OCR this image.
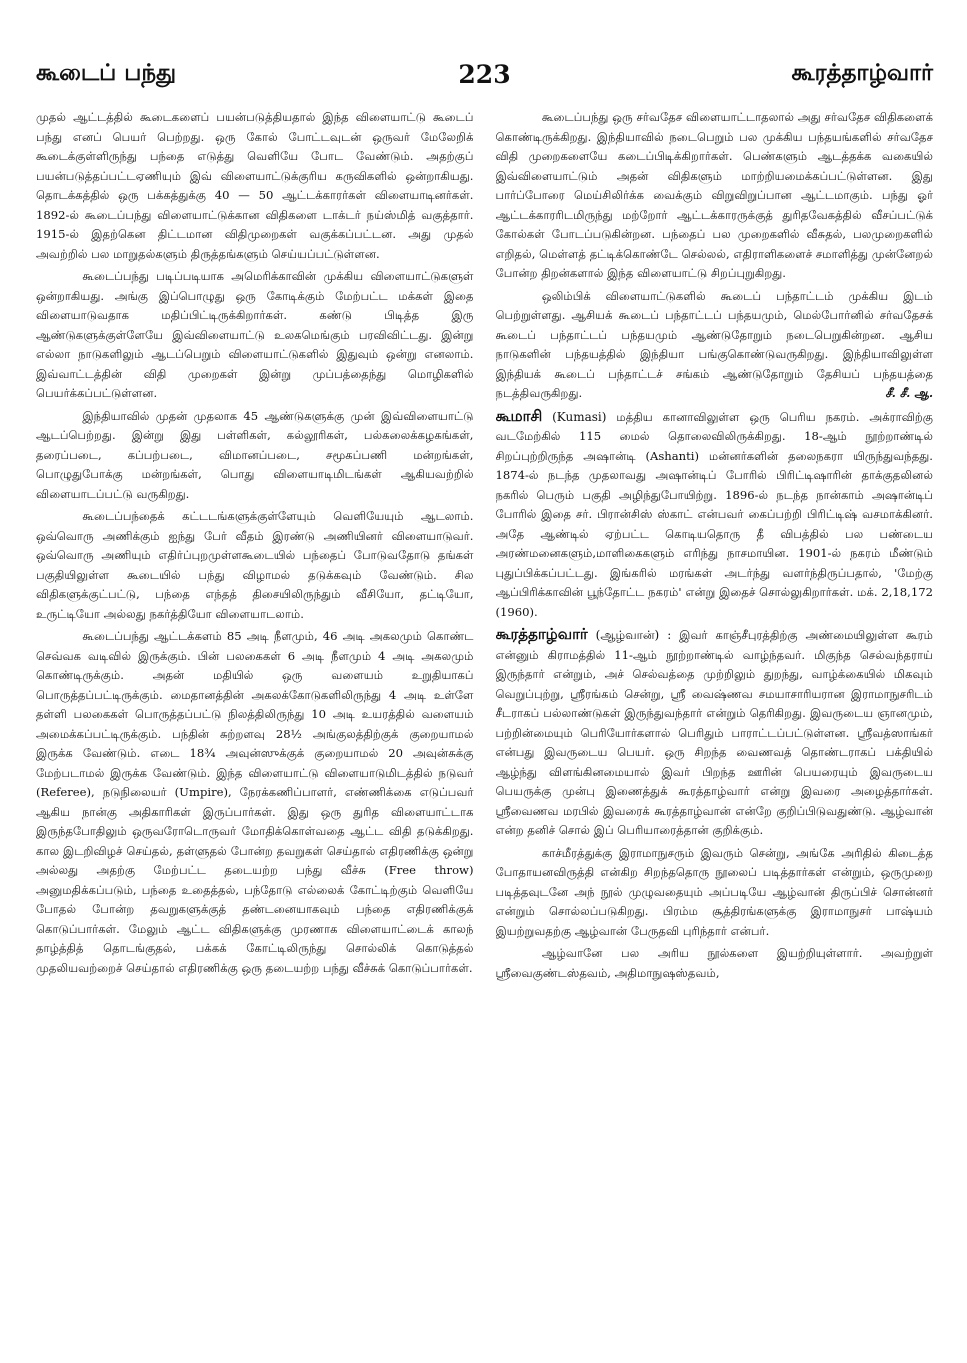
கூடைப் பந்து	223	கூரத்தாழ்வார்

முதல் ஆட்டத்தில் கூடைகளைப் பயன்படுத்தியதால் இந்த விளையாட்டு கூடைப் பந்து எனப் பெயர் பெற்றது. ஒரு கோல் போட்டவுடன் ஒருவர் மேலேறிக் கூடைக்குள்ளிருந்து பந்தை எடுத்து வெளியே போட வேண்டும். அதற்குப் பயன்படுத்தப்பட்டஏணியும் இவ் விளையாட்டுக்குரிய கருவிகளில் ஒன்றாகியது. தொடக்கத்தில் ஒரு பக்கத்துக்கு 40 — 50 ஆட்டக்காரர்கள் விளையாடினர்கள். 1892-ல் கூடைப்பந்து விளையாட்டுக்கான விதிகளை டாக்டர் நய்ஸ்மித் வகுத்தார். 1915-ல் இதற்கென திட்டமான விதிமுறைகள் வகுக்கப்பட்டன. அது முதல் அவற்றில் பல மாறுதல்களும் திருத்தங்களும் செய்யப்பட்டுள்ளன.

கூடைப்பந்து படிப்படியாக அமெரிக்காவின் முக்கிய விளையாட்டுகளுள் ஒன்றாகியது. அங்கு இப்பொழுது ஒரு கோடிக்கும் மேற்பட்ட மக்கள் இதை விளையாடுவதாக மதிப்பிட்டிருக்கிறார்கள். கண்டு பிடித்த இரு ஆண்டுகளுக்குள்ளேயே இவ்விளையாட்டு உலகமெங்கும் பரவிவிட்டது. இன்று எல்லா நாடுகளிலும் ஆடப்பெறும் விளையாட்டுகளில் இதுவும் ஒன்று எனலாம். இவ்வாட்டத்தின் விதி முறைகள் இன்று முப்பத்தைந்து மொழிகளில் பெயர்க்கப்பட்டுள்ளன.

இந்தியாவில் முதன் முதலாக 45 ஆண்டுகளுக்கு முன் இவ்விளையாட்டு ஆடப்பெற்றது. இன்று இது பள்ளிகள், கல்லூரிகள், பல்கலைக்கழகங்கள், தரைப்படை, கப்பற்படை, விமானப்படை, சமூகப்பணி மன்றங்கள், பொழுதுபோக்கு மன்றங்கள், பொது விளையாடிமிடங்கள் ஆகியவற்றில் விளையாடப்பட்டு வருகிறது.

கூடைப்பந்தைக் கட்டடங்களுக்குள்ளேயும் வெளியேயும் ஆடலாம். ஒவ்வொரு அணிக்கும் ஐந்து பேர் வீதம் இரண்டு அணியினர் விளையாடுவர். ஒவ்வொரு அணியும் எதிர்ப்புறமுள்ளகூடையில் பந்தைப் போடுவதோடு தங்கள் பகுதியிலுள்ள கூடையில் பந்து விழாமல் தடுக்கவும் வேண்டும். சில விதிகளுக்குட்பட்டு, பந்தை எந்தத் திசையிலிருந்தும் வீசியோ, தட்டியோ, உருட்டியோ அல்லது நகர்த்தியோ விளையாடலாம்.

கூடைப்பந்து ஆட்டக்களம் 85 அடி நீளமும், 46 அடி அகலமும் கொண்ட செவ்வக வடிவில் இருக்கும். பின் பலகைகள் 6 அடி நீளமும் 4 அடி அகலமும் கொண்டிருக்கும். அதன் மதியில் ஒரு வளையம் உறுதியாகப் பொருத்தப்பட்டிருக்கும். மைதானத்தின் அகலக்கோடுகளிலிருந்து 4 அடி உள்ளே தள்ளி பலகைகள் பொருத்தப்பட்டு நிலத்திலிருந்து 10 அடி உயரத்தில் வளையம் அமைக்கப்பட்டிருக்கும். பந்தின் சுற்றளவு 28½ அங்குலத்திற்குக் குறையாமல் இருக்க வேண்டும். எடை 18¾ அவுன்ஸுக்குக் குறையாமல் 20 அவுன்சுக்கு மேற்படாமல் இருக்க வேண்டும். இந்த விளையாட்டு விளையாடுமிடத்தில் நடுவர் (Referee), நடுநிலையர் (Umpire), நேரக்கணிப்பாளர், எண்ணிக்கை எடுப்பவர் ஆகிய நான்கு அதிகாரிகள் இருப்பார்கள். இது ஒரு துரித விளையாட்டாக இருந்தபோதிலும் ஒருவரோடொருவர் மோதிக்கொள்வதை ஆட்ட விதி தடுக்கிறது. கால இடறிவிழச் செய்தல், தள்ளுதல் போன்ற தவறுகள் செய்தால் எதிரணிக்கு ஒன்று அல்லது அதற்கு மேற்பட்ட தடையற்ற பந்து வீச்சு (Free throw) அனுமதிக்கப்படும், பந்தை உதைத்தல், பந்தோடு எல்லைக் கோட்டிற்கும் வெளியே போதல் போன்ற தவறுகளுக்குத் தண்டனையாகவும் பந்தை எதிரணிக்குக் கொடுப்பார்கள். மேலும் ஆட்ட விதிகளுக்கு முரணாக விளையாட்டைக் காலந் தாழ்த்தித் தொடங்குதல், பக்கக் கோட்டிலிருந்து சொல்லிக் கொடுத்தல் முதலியவற்றைச் செய்தால் எதிரணிக்கு ஒரு தடையற்ற பந்து வீச்சுக் கொடுப்பார்கள்.

கூடைப்பந்து ஒரு சர்வதேச விளையாட்டாதலால் அது சர்வதேச விதிகளைக் கொண்டிருக்கிறது. இந்தியாவில் நடைபெறும் பல முக்கிய பந்தயங்களில் சர்வதேச விதி முறைகளையே கடைப்பிடிக்கிறார்கள். பெண்களும் ஆடத்தக்க வகையில் இவ்விளையாட்டும் அதன் விதிகளும் மாற்றியமைக்கப்பட்டுள்ளன. இது பார்ப்போரை மெய்சிலிர்க்க வைக்கும் விறுவிறுப்பான ஆட்டமாகும். பந்து ஓர் ஆட்டக்காரரிடமிருந்து மற்றோர் ஆட்டக்காரருக்குத் துரிதவேகத்தில் வீசப்பட்டுக் கோல்கள் போடப்படுகின்றன. பந்தைப் பல முறைகளில் வீசுதல், பலமுறைகளில் எறிதல், மெள்ளத் தட்டிக்கொண்டே செல்லல், எதிராளிகளைச் சமாளித்து முன்னேறல் போன்ற திறன்களால் இந்த விளையாட்டு சிறப்புறுகிறது.

ஒலிம்பிக் விளையாட்டுகளில் கூடைப் பந்தாட்டம் முக்கிய இடம் பெற்றுள்ளது. ஆசியக் கூடைப் பந்தாட்டப் பந்தயமும், மெல்போர்னில் சர்வதேசக் கூடைப் பந்தாட்டப் பந்தயமும் ஆண்டுதோறும் நடைபெறுகின்றன. ஆசிய நாடுகளின் பந்தயத்தில் இந்தியா பங்குகொண்டுவருகிறது. இந்தியாவிலுள்ள இந்தியக் கூடைப் பந்தாட்டச் சங்கம் ஆண்டுதோறும் தேசியப் பந்தயத்தை நடத்திவருகிறது.	சீ. சீ. ஆ.

கூமாசி (Kumasi) மத்திய கானாவிலுள்ள ஒரு பெரிய நகரம். அக்ராவிற்கு வடமேற்கில் 115 மைல் தொலைவிலிருக்கிறது. 18-ஆம் நூற்றாண்டில் சிறப்புற்றிருந்த அஷான்டி (Ashanti) மன்னர்களின் தலைநகரா யிருந்துவந்தது. 1874-ல் நடந்த முதலாவது அஷான்டிப் போரில் பிரிட்டிஷாரின் தாக்குதலினல் நகரில் பெரும் பகுதி அழிந்துபோயிற்று. 1896-ல் நடந்த நான்காம் அஷான்டிப் போரில் இதை சர். பிரான்சிஸ் ஸ்காட் என்பவர் கைப்பற்றி பிரிட்டிஷ் வசமாக்கினர். அதே ஆண்டில் ஏற்பட்ட கொடியதொரு தீ விபத்தில் பல பண்டைய அரண்மனைகளும்,மாளிகைகளும் எரிந்து நாசமாயின. 1901-ல் நகரம் மீண்டும் புதுப்பிக்கப்பட்டது. இங்கரில் மரங்கள் அடர்ந்து வளர்ந்திருப்பதால், 'மேற்கு ஆப்பிரிக்காவின் பூந்தோட்ட நகரம்' என்று இதைச் சொல்லுகிறார்கள். மக். 2,18,172 (1960).

கூரத்தாழ்வார் (ஆழ்வான்) : இவர் காஞ்சீபுரத்திற்கு அண்மையிலுள்ள கூரம் என்னும் கிராமத்தில் 11-ஆம் நூற்றாண்டில் வாழ்ந்தவர். மிகுந்த செல்வந்தராய் இருந்தார் என்றும், அச் செல்வத்தை முற்றிலும் துறந்து, வாழ்க்கையில் மிகவும் வெறுப்புற்று, ஸ்ரீரங்கம் சென்று, ஸ்ரீ வைஷ்ணவ சமயாசாரியரான இராமாநுசரிடம் சீடராகப் பல்லாண்டுகள் இருந்துவந்தார் என்றும் தெரிகிறது. இவருடைய ஞானமும், பற்றின்மையும் பெரியோர்களால் பெரிதும் பாராட்டப்பட்டுள்ளன. ஸ்ரீவத்ஸாங்கர் என்பது இவருடைய பெயர். ஒரு சிறந்த வைணவத் தொண்டராகப் பக்தியில் ஆழ்ந்து விளங்கினமையால் இவர் பிறந்த ஊரின் பெயரையும் இவருடைய பெயருக்கு முன்பு இணைத்துக் கூரத்தாழ்வார் என்று இவரை அழைத்தார்கள். ஸ்ரீவைணவ மரபில் இவரைக் கூரத்தாழ்வான் என்றே குறிப்பிடுவதுண்டு. ஆழ்வான் என்ற தனிச் சொல் இப் பெரியாரைத்தான் குறிக்கும்.

காச்மீரத்துக்கு இராமாநுசரும் இவரும் சென்று, அங்கே அரிதில் கிடைத்த போதாயனவிருத்தி என்கிற சிறந்ததொரு நூலைப் படித்தார்கள் என்றும், ஒருமுறை படித்தவுடனே அந் நூல் முழுவதையும் அப்படியே ஆழ்வான் திருப்பிச் சொன்னர் என்றும் சொல்லப்படுகிறது. பிரம்ம சூத்திரங்களுக்கு இராமாநுசர் பாஷ்யம் இயற்றுவதற்கு ஆழ்வான் பேருதவி புரிந்தார் என்பர்.

ஆழ்வானே பல அரிய நூல்களை இயற்றியுள்ளார். அவற்றுள் ஸ்ரீவைகுண்டஸ்தவம், அதிமாநுஷஸ்தவம்,
